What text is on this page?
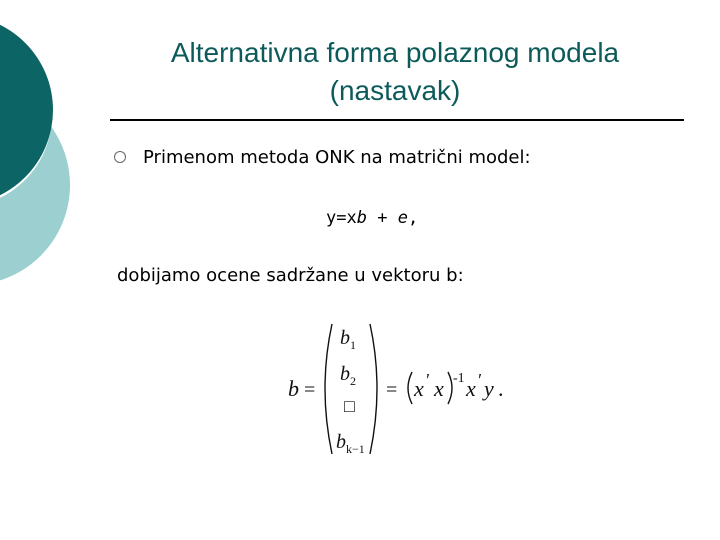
Alternativna forma polaznog modela
(nastavak)
Primenom metoda ONK na matrični model:
y=xb + e,
dobijamo ocene sadržane u vektoru b:
b =
$b_1$
$b_2$
□
$b_{k-1}$
= x ′ x -1 x ′ y .
